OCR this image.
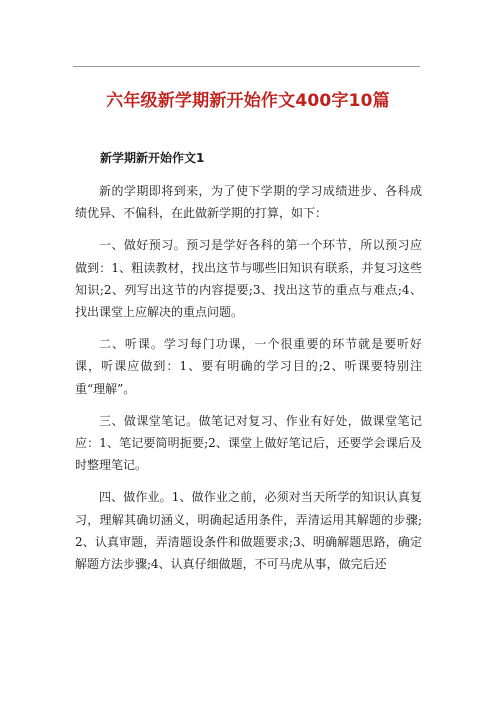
六年级新学期新开始作文400字10篇
新学期新开始作文1

新的学期即将到来，为了使下学期的学习成绩进步、各科成绩优异、不偏科，在此做新学期的打算，如下：

一、做好预习。预习是学好各科的第一个环节，所以预习应做到：1、粗读教材，找出这节与哪些旧知识有联系，并复习这些知识;2、列写出这节的内容提要;3、找出这节的重点与难点;4、找出课堂上应解决的重点问题。

二、听课。学习每门功课，一个很重要的环节就是要听好课，听课应做到：1、要有明确的学习目的;2、听课要特别注重“理解”。

三、做课堂笔记。做笔记对复习、作业有好处，做课堂笔记应：1、笔记要简明扼要;2、课堂上做好笔记后，还要学会课后及时整理笔记。

四、做作业。1、做作业之前，必须对当天所学的知识认真复习，理解其确切涵义，明确起适用条件，弄清运用其解题的步骤;2、认真审题，弄清题设条件和做题要求;3、明确解题思路，确定解题方法步骤;4、认真仔细做题，不可马虎从事，做完后还
